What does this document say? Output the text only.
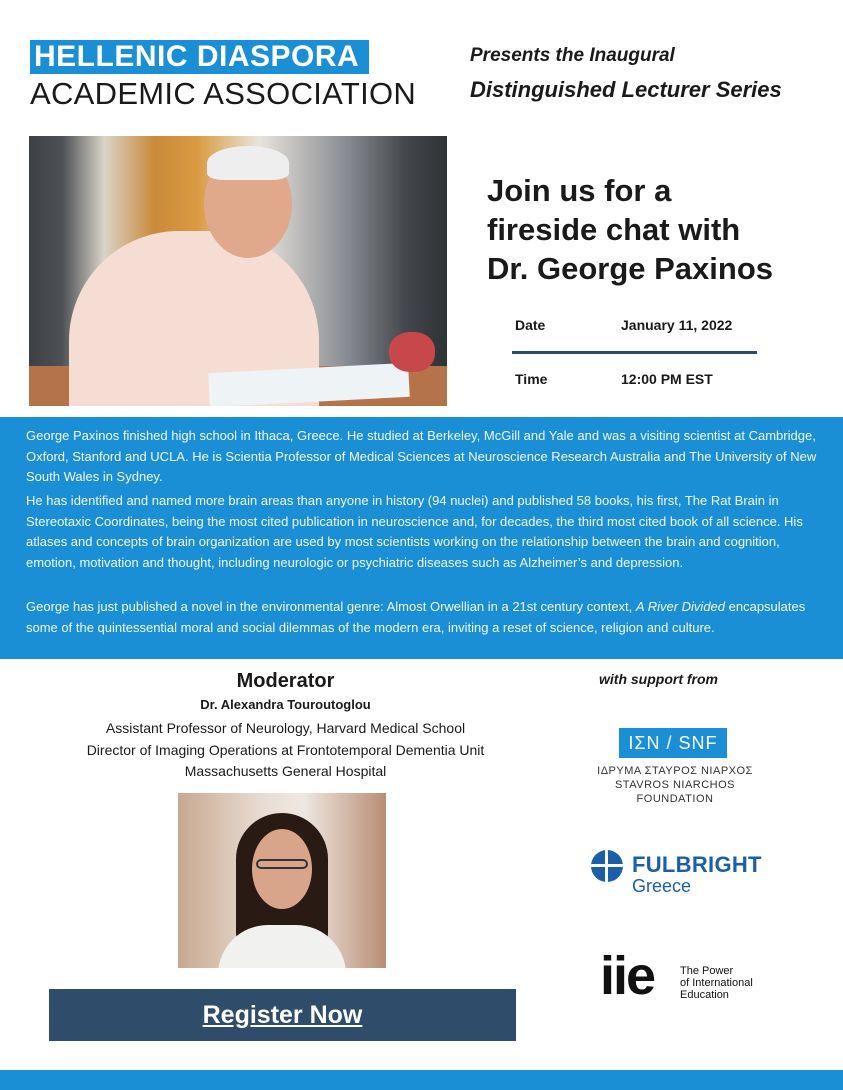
HELLENIC DIASPORA
ACADEMIC ASSOCIATION
Presents the Inaugural
Distinguished Lecturer Series
Join us for a
fireside chat with
Dr. George Paxinos
Date	January 11, 2022
Time	12:00 PM EST

George Paxinos finished high school in Ithaca, Greece. He studied at Berkeley, McGill and Yale and was a visiting scientist at Cambridge, Oxford, Stanford and UCLA. He is Scientia Professor of Medical Sciences at Neuroscience Research Australia and The University of New South Wales in Sydney.

He has identified and named more brain areas than anyone in history (94 nuclei) and published 58 books, his first, The Rat Brain in Stereotaxic Coordinates, being the most cited publication in neuroscience and, for decades, the third most cited book of all science. His atlases and concepts of brain organization are used by most scientists working on the relationship between the brain and cognition, emotion, motivation and thought, including neurologic or psychiatric diseases such as Alzheimer’s and depression.

George has just published a novel in the environmental genre: Almost Orwellian in a 21st century context, A River Divided encapsulates some of the quintessential moral and social dilemmas of the modern era, inviting a reset of science, religion and culture.

Moderator
Dr. Alexandra Touroutoglou
Assistant Professor of Neurology, Harvard Medical School
Director of Imaging Operations at Frontotemporal Dementia Unit
Massachusetts General Hospital
Register Now
with support from
ΙΣΝ / SNF
ΙΔΡΥΜΑ ΣΤΑΥΡΟΣ ΝΙΑΡΧΟΣ
STAVROS NIARCHOS
FOUNDATION
FULBRIGHT
Greece
iie The Power
of International
Education
